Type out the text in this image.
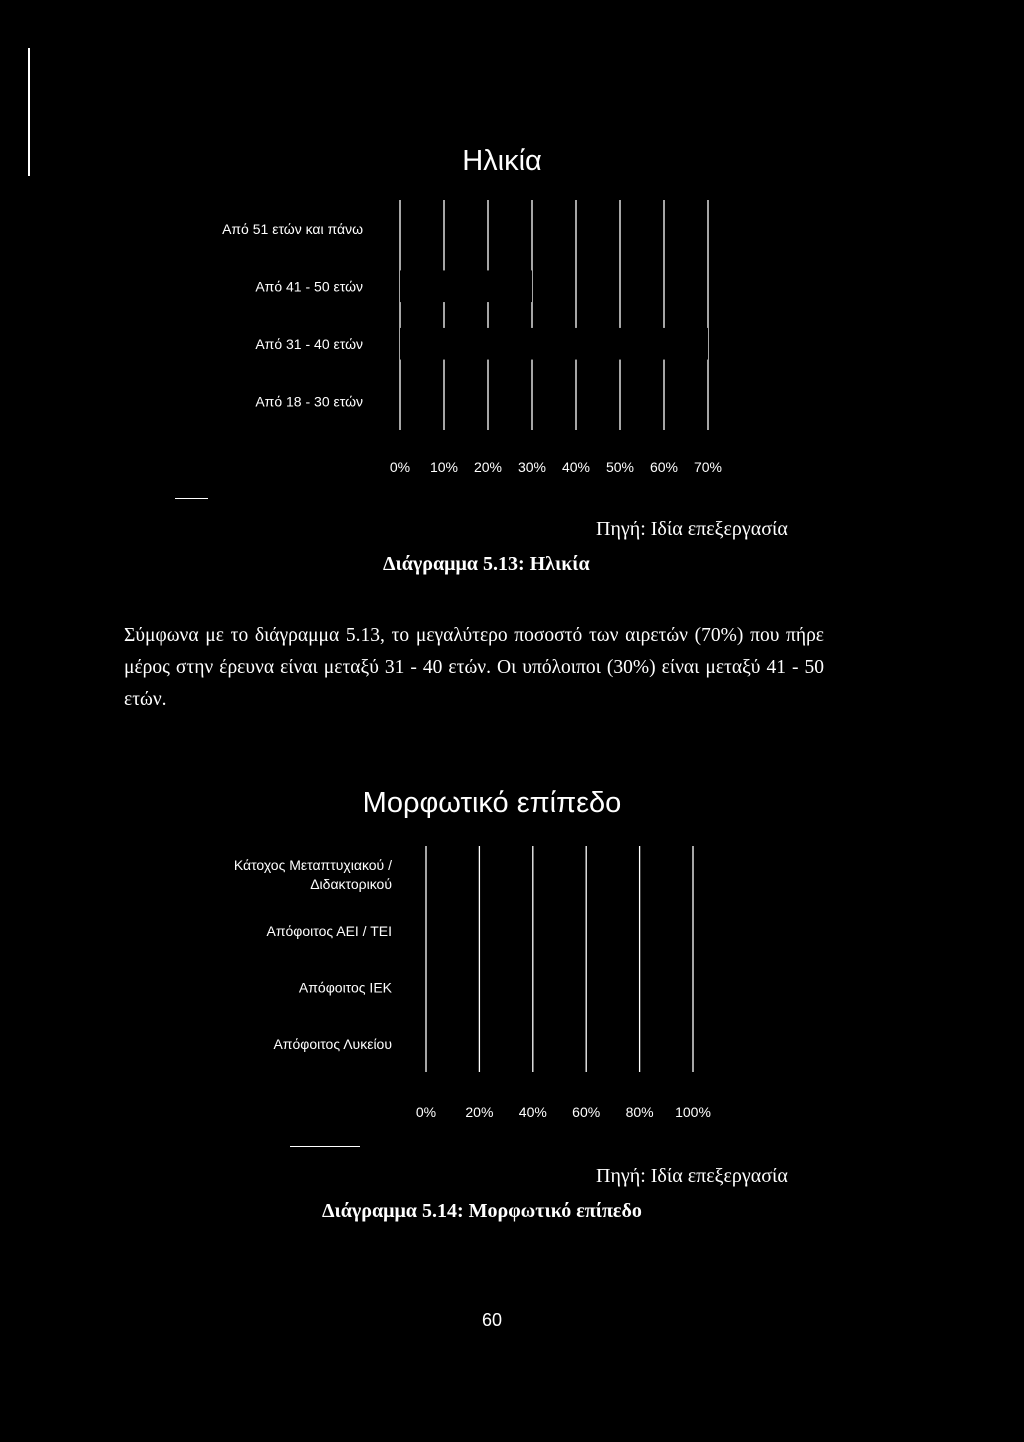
Ηλικία
0% 10% 20% 30% 40% 50% 60% 70%
Από 51 ετών και πάνω
Από 41 - 50 ετών
Από 31 - 40 ετών
Από 18 - 30 ετών
Πηγή: Ιδία επεξεργασία
Διάγραμμα 5.13: Ηλικία

Σύμφωνα με το διάγραμμα 5.13, το μεγαλύτερο ποσοστό των αιρετών (70%) που πήρε μέρος στην έρευνα είναι μεταξύ 31 - 40 ετών. Οι υπόλοιποι (30%) είναι μεταξύ 41 - 50 ετών.

Μορφωτικό επίπεδο
0% 20% 40% 60% 80% 100%
Κάτοχος Μεταπτυχιακού /
Διδακτορικού
Απόφοιτος ΑΕΙ / ΤΕΙ
Απόφοιτος ΙΕΚ
Απόφοιτος Λυκείου
Πηγή: Ιδία επεξεργασία
Διάγραμμα 5.14: Μορφωτικό επίπεδο
60
